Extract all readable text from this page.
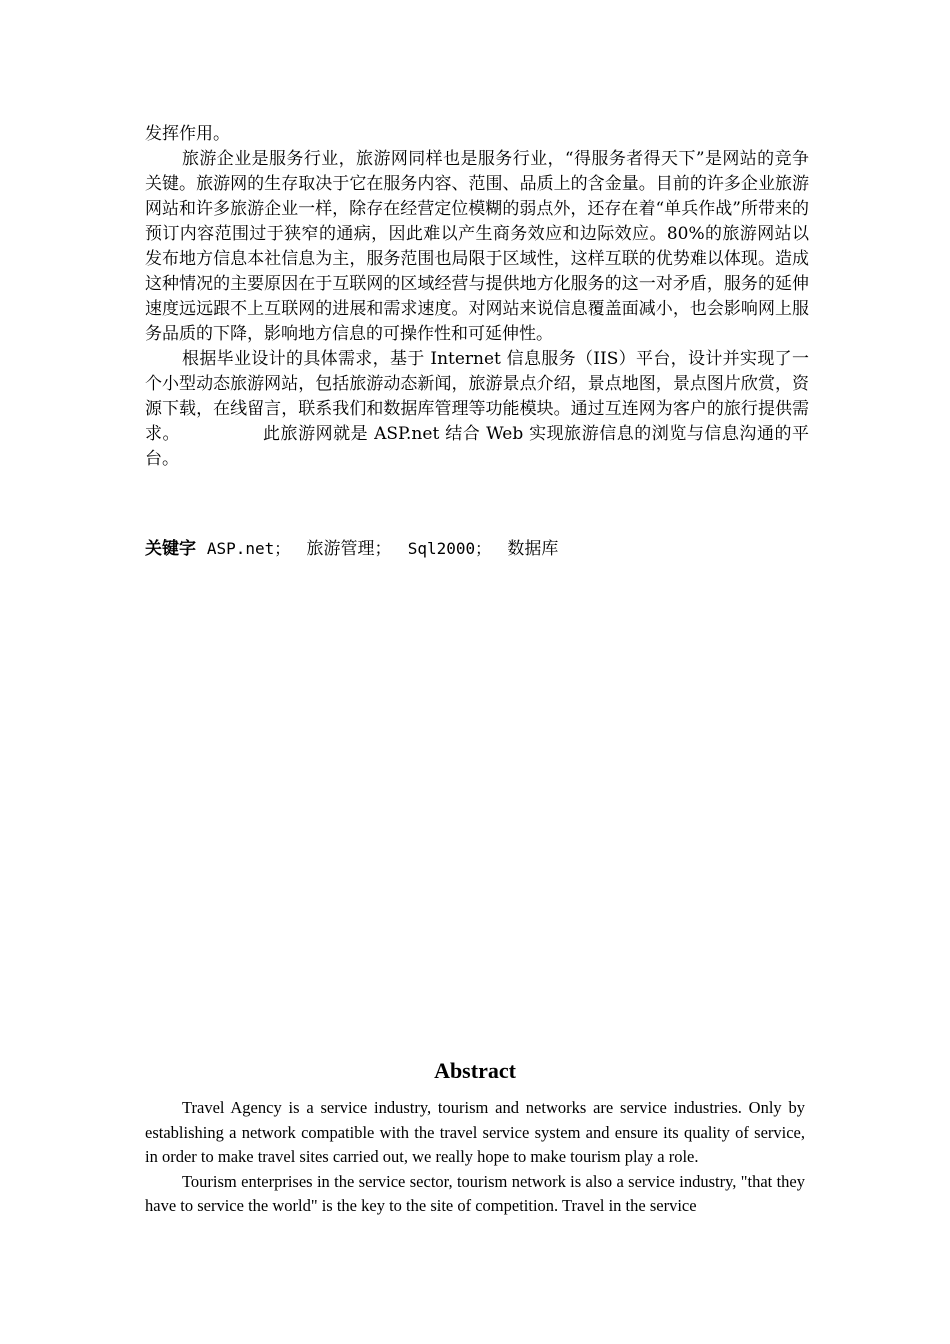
发挥作用。

旅游企业是服务行业，旅游网同样也是服务行业，“得服务者得天下”是网站的竞争关键。旅游网的生存取决于它在服务内容、范围、品质上的含金量。目前的许多企业旅游网站和许多旅游企业一样，除存在经营定位模糊的弱点外，还存在着“单兵作战”所带来的预订内容范围过于狭窄的通病，因此难以产生商务效应和边际效应。80%的旅游网站以发布地方信息本社信息为主，服务范围也局限于区域性，这样互联的优势难以体现。造成这种情况的主要原因在于互联网的区域经营与提供地方化服务的这一对矛盾，服务的延伸速度远远跟不上互联网的进展和需求速度。对网站来说信息覆盖面减小，也会影响网上服务品质的下降，影响地方信息的可操作性和可延伸性。

根据毕业设计的具体需求，基于 Internet 信息服务（IIS）平台，设计并实现了一个小型动态旅游网站，包括旅游动态新闻，旅游景点介绍，景点地图，景点图片欣赏，资源下载，在线留言，联系我们和数据库管理等功能模块。通过互连网为客户的旅行提供需求。              此旅游网就是 ASP.net 结合 Web 实现旅游信息的浏览与信息沟通的平台。

关键字 ASP.net； 旅游管理； Sql2000； 数据库
Abstract

Travel Agency is a service industry, tourism and networks are service industries. Only by establishing a network compatible with the travel service system and ensure its quality of service, in order to make travel sites carried out, we really hope to make tourism play a role.

Tourism enterprises in the service sector, tourism network is also a service industry, "that they have to service the world" is the key to the site of competition. Travel in the service
